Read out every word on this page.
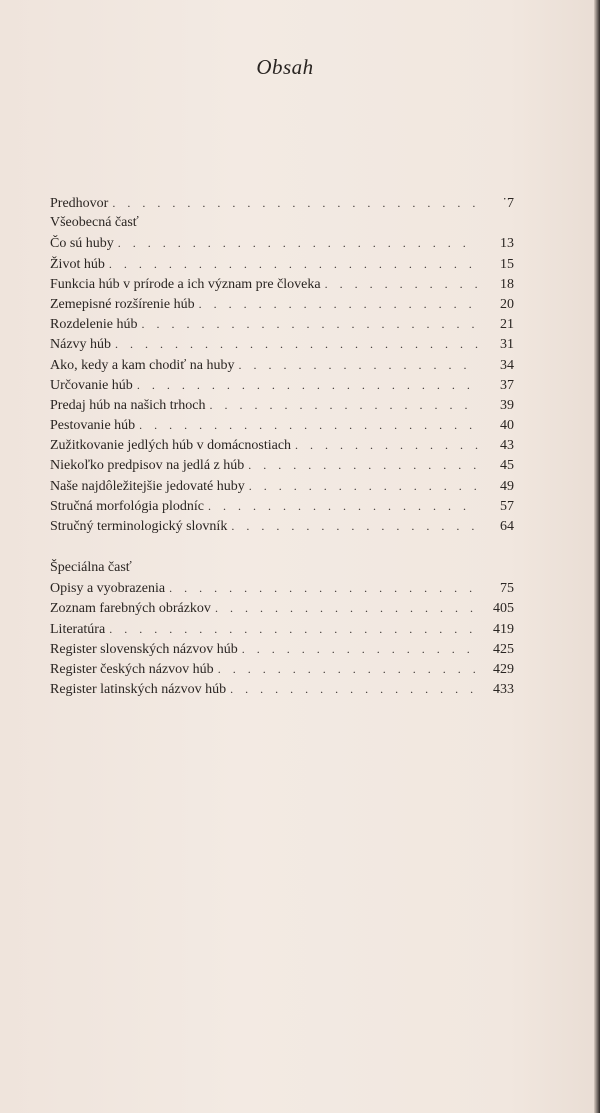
Obsah
Predhovor . . .	˙7
Všeobecná časť
Čo sú huby . . .	13
Život húb . . .	15
Funkcia húb v prírode a ich význam pre človeka . . .	18
Zemepisné rozšírenie húb . . .	20
Rozdelenie húb . . .	21
Názvy húb . . .	31
Ako, kedy a kam chodiť na huby . . .	34
Určovanie húb . . .	37
Predaj húb na našich trhoch . . .	39
Pestovanie húb . . .	40
Zužitkovanie jedlých húb v domácnostiach . . .	43
Niekoľko predpisov na jedlá z húb . . .	45
Naše najdôležitejšie jedovaté huby . . .	49
Stručná morfológia plodníc . . .	57
Stručný terminologický slovník . . .	64
Špeciálna časť
Opisy a vyobrazenia . . .	75
Zoznam farebných obrázkov . . .	405
Literatúra . . .	419
Register slovenských názvov húb . . .	425
Register českých názvov húb . . .	429
Register latinských názvov húb . . .	433
